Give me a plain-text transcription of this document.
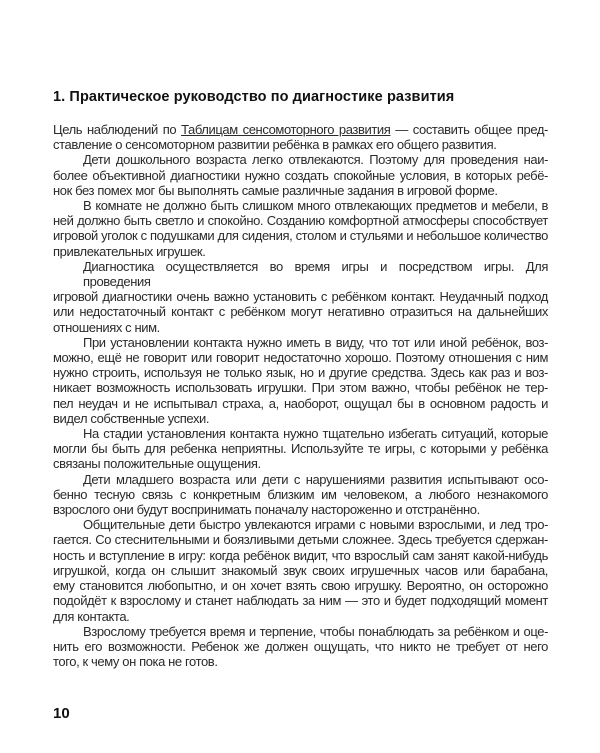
1. Практическое руководство по диагностике развития
Цель наблюдений по Таблицам сенсомоторного развития — составить общее пред-
ставление о сенсомоторном развитии ребёнка в рамках его общего развития.
Дети дошкольного возраста легко отвлекаются. Поэтому для проведения наи-
более объективной диагностики нужно создать спокойные условия, в которых ребё-
нок без помех мог бы выполнять самые различные задания в игровой форме.
В комнате не должно быть слишком много отвлекающих предметов и мебели, в
ней должно быть светло и спокойно. Созданию комфортной атмосферы способствует
игровой уголок с подушками для сидения, столом и стульями и небольшое количество
привлекательных игрушек.
Диагностика осуществляется во время игры и посредством игры. Для проведения
игровой диагностики очень важно установить с ребёнком контакт. Неудачный подход
или недостаточный контакт с ребёнком могут негативно отразиться на дальнейших
отношениях с ним.
При установлении контакта нужно иметь в виду, что тот или иной ребёнок, воз-
можно, ещё не говорит или говорит недостаточно хорошо. Поэтому отношения с ним
нужно строить, используя не только язык, но и другие средства. Здесь как раз и воз-
никает возможность использовать игрушки. При этом важно, чтобы ребёнок не тер-
пел неудач и не испытывал страха, а, наоборот, ощущал бы в основном радость и
видел собственные успехи.
На стадии установления контакта нужно тщательно избегать ситуаций, которые
могли бы быть для ребенка неприятны. Используйте те игры, с которыми у ребёнка
связаны положительные ощущения.
Дети младшего возраста или дети с нарушениями развития испытывают осо-
бенно тесную связь с конкретным близким им человеком, а любого незнакомого
взрослого они будут воспринимать поначалу настороженно и отстранённо.
Общительные дети быстро увлекаются играми с новыми взрослыми, и лед тро-
гается. Со стеснительными и боязливыми детьми сложнее. Здесь требуется сдержан-
ность и вступление в игру: когда ребёнок видит, что взрослый сам занят какой-нибудь
игрушкой, когда он слышит знакомый звук своих игрушечных часов или барабана,
ему становится любопытно, и он хочет взять свою игрушку. Вероятно, он осторожно
подойдёт к взрослому и станет наблюдать за ним — это и будет подходящий момент
для контакта.
Взрослому требуется время и терпение, чтобы понаблюдать за ребёнком и оце-
нить его возможности. Ребенок же должен ощущать, что никто не требует от него
того, к чему он пока не готов.
10
